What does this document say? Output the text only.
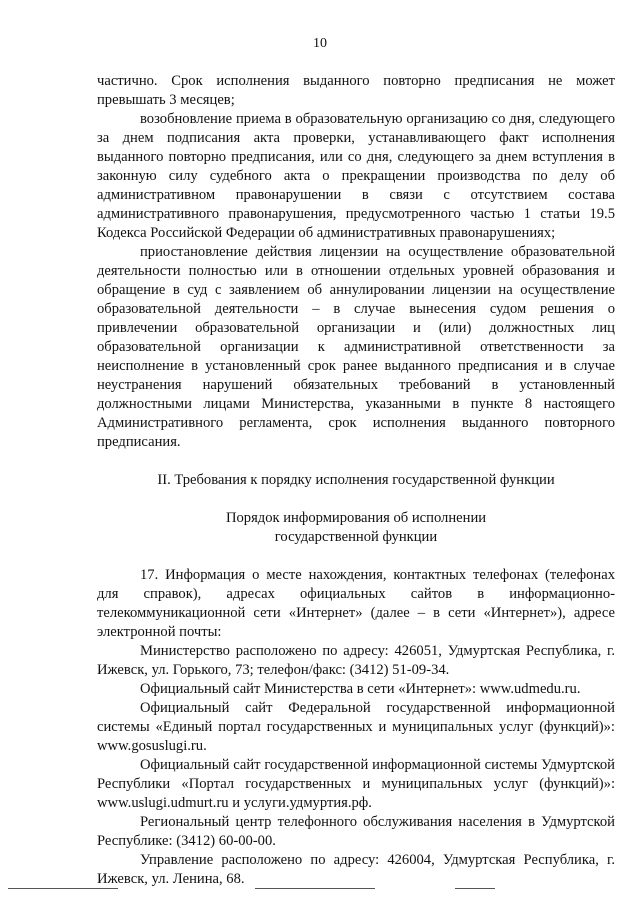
10

частично. Срок исполнения выданного повторно предписания не может превышать 3 месяцев;

возобновление приема в образовательную организацию со дня, следующего за днем подписания акта проверки, устанавливающего факт исполнения выданного повторно предписания, или со дня, следующего за днем вступления в законную силу судебного акта о прекращении производства по делу об административном правонарушении в связи с отсутствием состава административного правонарушения, предусмотренного частью 1 статьи 19.5 Кодекса Российской Федерации об административных правонарушениях;

приостановление действия лицензии на осуществление образовательной деятельности полностью или в отношении отдельных уровней образования и обращение в суд с заявлением об аннулировании лицензии на осуществление образовательной деятельности – в случае вынесения судом решения о привлечении образовательной организации и (или) должностных лиц образовательной организации к административной ответственности за неисполнение в установленный срок ранее выданного предписания и в случае неустранения нарушений обязательных требований в установленный должностными лицами Министерства, указанными в пункте 8 настоящего Административного регламента, срок исполнения выданного повторного предписания.

II. Требования к порядку исполнения государственной функции
Порядок информирования об исполнении
государственной функции

17. Информация о месте нахождения, контактных телефонах (телефонах для справок), адресах официальных сайтов в информационно-телекоммуникационной сети «Интернет» (далее – в сети «Интернет»), адресе электронной почты:

Министерство расположено по адресу: 426051, Удмуртская Республика, г. Ижевск, ул. Горького, 73; телефон/факс: (3412) 51-09-34.

Официальный сайт Министерства в сети «Интернет»: www.udmedu.ru.

Официальный сайт Федеральной государственной информационной системы «Единый портал государственных и муниципальных услуг (функций)»: www.gosuslugi.ru.

Официальный сайт государственной информационной системы Удмуртской Республики «Портал государственных и муниципальных услуг (функций)»: www.uslugi.udmurt.ru и услуги.удмуртия.рф.

Региональный центр телефонного обслуживания населения в Удмуртской Республике: (3412) 60-00-00.

Управление расположено по адресу: 426004, Удмуртская Республика, г. Ижевск, ул. Ленина, 68.
